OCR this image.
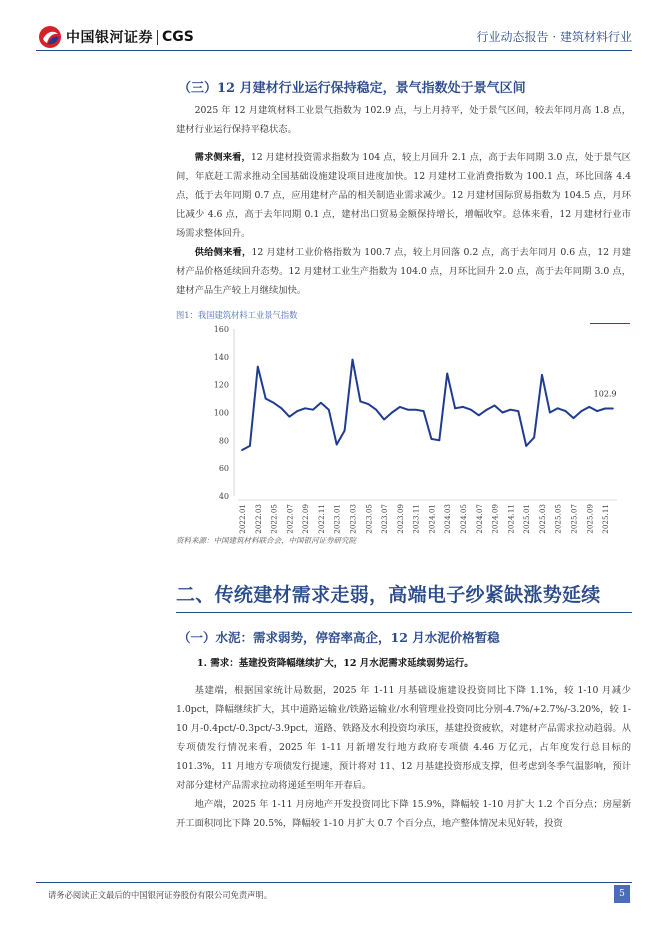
中国银河证券 CGS	行业动态报告 · 建筑材料行业
（三）12 月建材行业运行保持稳定，景气指数处于景气区间
2025 年 12 月建筑材料工业景气指数为 102.9 点，与上月持平，处于景气区间，较去年同月高 1.8 点，建材行业运行保持平稳状态。
需求侧来看，12 月建材投资需求指数为 104 点，较上月回升 2.1 点，高于去年同期 3.0 点，处于景气区间，年底赶工需求推动全国基础设施建设项目进度加快。12 月建材工业消费指数为 100.1 点，环比回落 4.4 点，低于去年同期 0.7 点，应用建材产品的相关制造业需求减少。12 月建材国际贸易指数为 104.5 点，月环比减少 4.6 点，高于去年同期 0.1 点，建材出口贸易金额保持增长，增幅收窄。总体来看，12 月建材行业市场需求整体回升。
供给侧来看，12 月建材工业价格指数为 100.7 点，较上月回落 0.2 点，高于去年同月 0.6 点，12 月建材产品价格延续回升态势。12 月建材工业生产指数为 104.0 点，月环比回升 2.0 点，高于去年同期 3.0 点，建材产品生产较上月继续加快。
图1：我国建筑材料工业景气指数
40
60
80
100
120
140
160
2022.01 2022.03 2022.05 2022.07 2022.09 2022.11 2023.01 2023.03 2023.05 2023.07 2023.09 2023.11 2024.01 2024.03 2024.05 2024.07 2024.09 2024.11 2025.01 2025.03 2025.05 2025.07 2025.09 2025.11
102.9
资料来源：中国建筑材料联合会，中国银河证券研究院
二、传统建材需求走弱，高端电子纱紧缺涨势延续
（一）水泥：需求弱势，停窑率高企，12 月水泥价格暂稳
1. 需求：基建投资降幅继续扩大，12 月水泥需求延续弱势运行。
基建端，根据国家统计局数据，2025 年 1-11 月基础设施建设投资同比下降 1.1%，较 1-10 月减少 1.0pct，降幅继续扩大，其中道路运输业/铁路运输业/水利管理业投资同比分别-4.7%/+2.7%/-3.20%，较 1-10 月-0.4pct/-0.3pct/-3.9pct，道路、铁路及水利投资均承压，基建投资疲软，对建材产品需求拉动趋弱。从专项债发行情况来看，2025 年 1-11 月新增发行地方政府专项债 4.46 万亿元，占年度发行总目标的 101.3%，11 月地方专项债发行提速，预计将对 11、12 月基建投资形成支撑，但考虑到冬季气温影响，预计对部分建材产品需求拉动将递延至明年开春后。
地产端，2025 年 1-11 月房地产开发投资同比下降 15.9%，降幅较 1-10 月扩大 1.2 个百分点；房屋新开工面积同比下降 20.5%，降幅较 1-10 月扩大 0.7 个百分点，地产整体情况未见好转，投资
请务必阅读正文最后的中国银河证券股份有限公司免责声明。	5
